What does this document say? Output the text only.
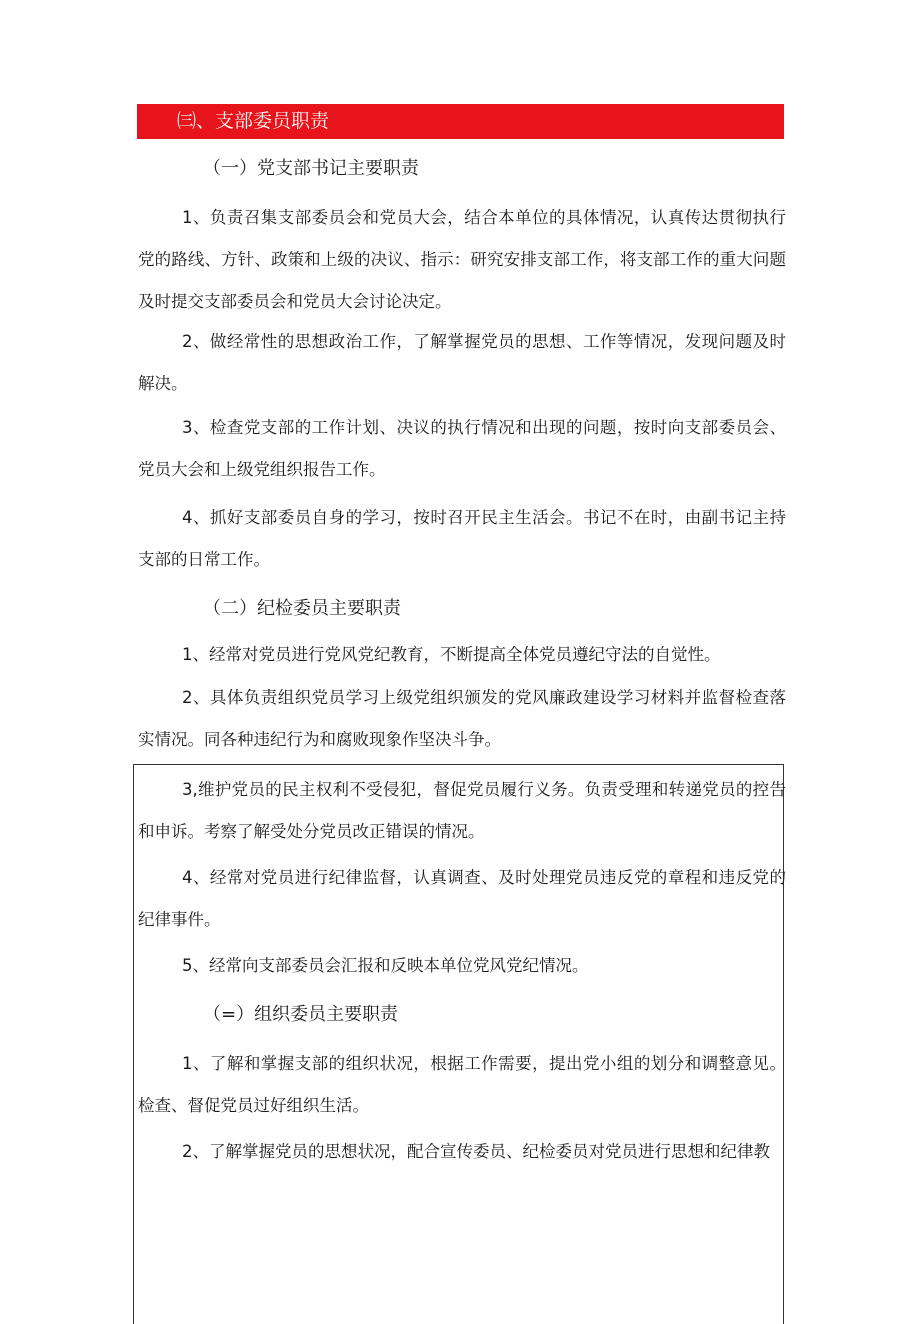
㈢、支部委员职责
（一）党支部书记主要职责
1、负责召集支部委员会和党员大会，结合本单位的具体情况，认真传达贯彻执行党的路线、方针、政策和上级的决议、指示：研究安排支部工作，将支部工作的重大问题及时提交支部委员会和党员大会讨论决定。
2、做经常性的思想政治工作，了解掌握党员的思想、工作等情况，发现问题及时解决。
3、检查党支部的工作计划、决议的执行情况和出现的问题，按时向支部委员会、党员大会和上级党组织报告工作。
4、抓好支部委员自身的学习，按时召开民主生活会。书记不在时，由副书记主持支部的日常工作。
（二）纪检委员主要职责
1、经常对党员进行党风党纪教育，不断提高全体党员遵纪守法的自觉性。
2、具体负责组织党员学习上级党组织颁发的党风廉政建设学习材料并监督检查落实情况。同各种违纪行为和腐败现象作坚决斗争。
3,维护党员的民主权利不受侵犯，督促党员履行义务。负责受理和转递党员的控告和申诉。考察了解受处分党员改正错误的情况。
4、经常对党员进行纪律监督，认真调查、及时处理党员违反党的章程和违反党的纪律事件。
5、经常向支部委员会汇报和反映本单位党风党纪情况。
（=）组织委员主要职责
1、了解和掌握支部的组织状况，根据工作需要，提出党小组的划分和调整意见。检查、督促党员过好组织生活。
2、了解掌握党员的思想状况，配合宣传委员、纪检委员对党员进行思想和纪律教
